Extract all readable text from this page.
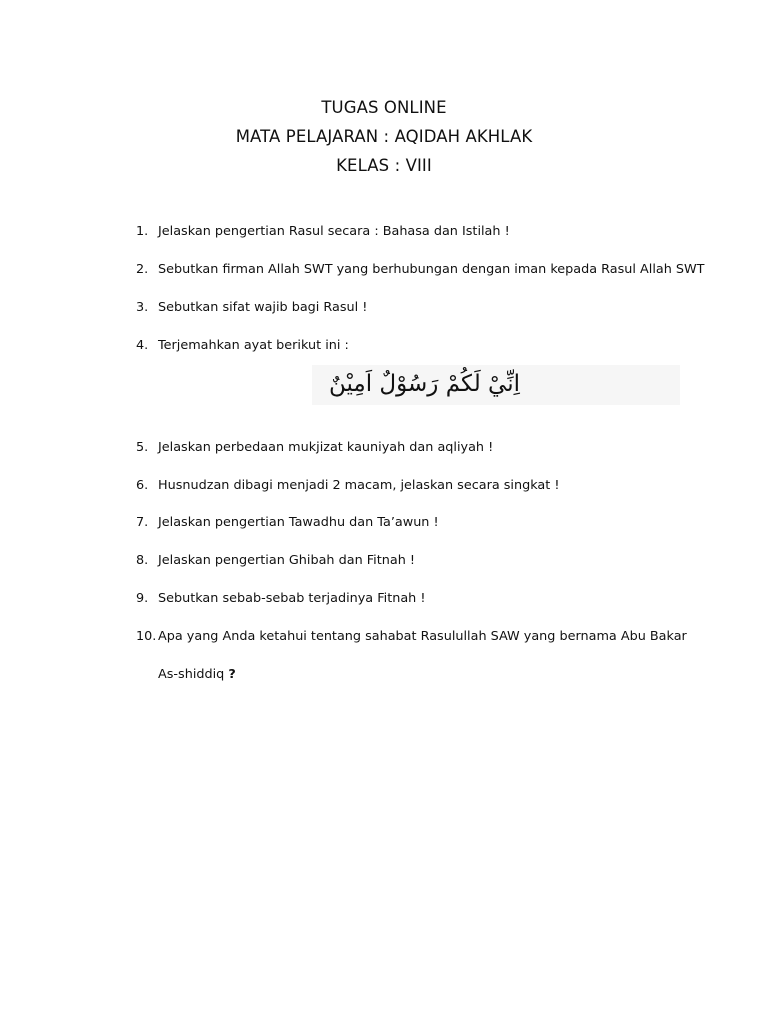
TUGAS ONLINE
MATA PELAJARAN : AQIDAH AKHLAK
KELAS : VIII
1. Jelaskan pengertian Rasul secara : Bahasa dan Istilah !
2. Sebutkan firman Allah SWT yang berhubungan dengan iman kepada Rasul Allah SWT
3. Sebutkan sifat wajib bagi Rasul !
4. Terjemahkan ayat berikut ini :
اِنِّيْ لَكُمْ رَسُوْلٌ اَمِيْنٌ
5. Jelaskan perbedaan mukjizat kauniyah dan aqliyah !
6. Husnudzan dibagi menjadi 2 macam, jelaskan secara singkat !
7. Jelaskan pengertian Tawadhu dan Ta’awun !
8. Jelaskan pengertian Ghibah dan Fitnah !
9. Sebutkan sebab-sebab terjadinya Fitnah !
10. Apa yang Anda ketahui tentang sahabat Rasulullah SAW yang bernama Abu Bakar
As-shiddiq ?
